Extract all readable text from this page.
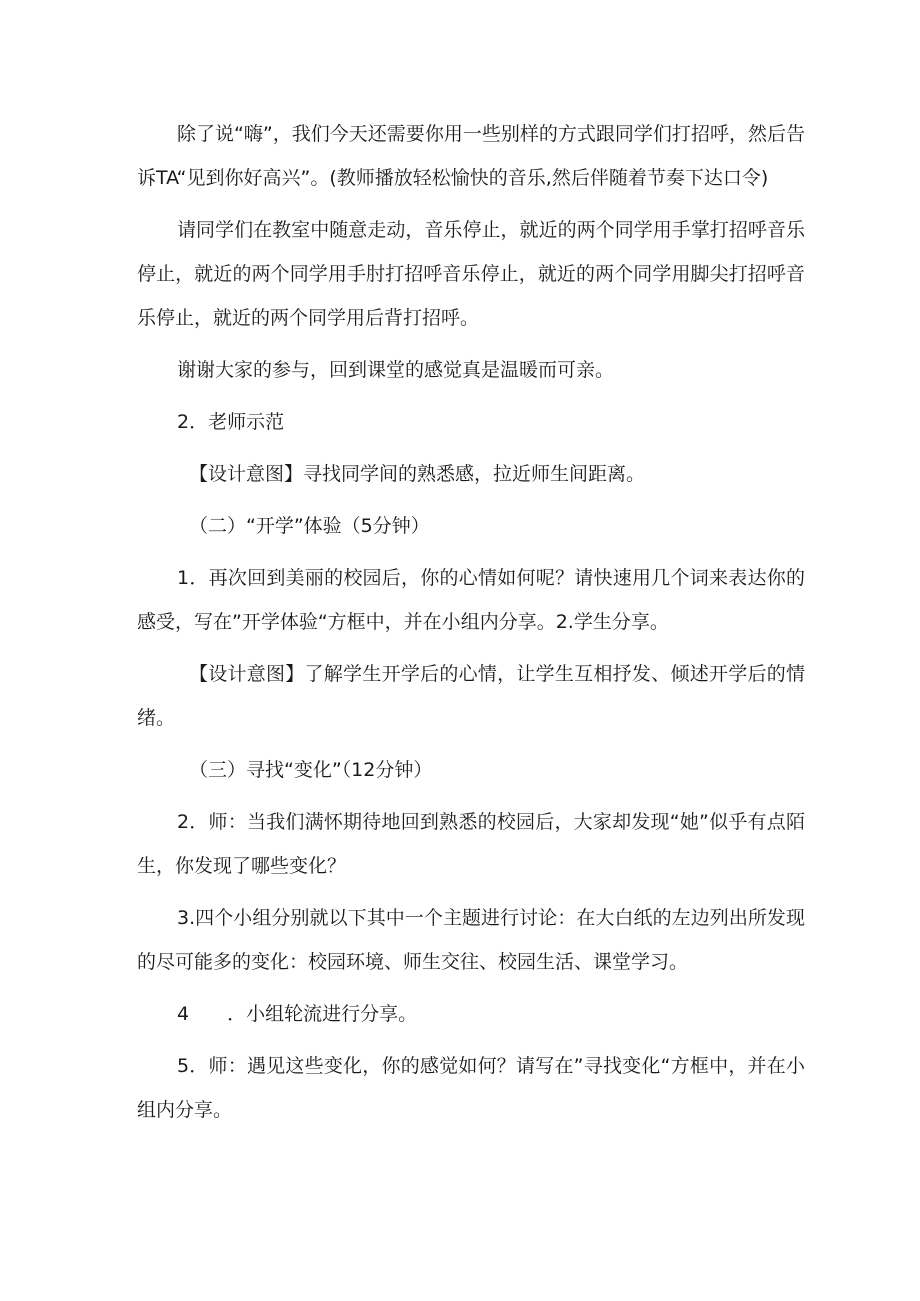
除了说“嗨”，我们今天还需要你用一些别样的方式跟同学们打招呼，然后告诉TA“见到你好高兴”。(教师播放轻松愉快的音乐,然后伴随着节奏下达口令)

请同学们在教室中随意走动，音乐停止，就近的两个同学用手掌打招呼音乐停止，就近的两个同学用手肘打招呼音乐停止，就近的两个同学用脚尖打招呼音乐停止，就近的两个同学用后背打招呼。

谢谢大家的参与，回到课堂的感觉真是温暖而可亲。

2．老师示范

【设计意图】寻找同学间的熟悉感，拉近师生间距离。

（二）“开学”体验（5分钟）

1．再次回到美丽的校园后，你的心情如何呢？请快速用几个词来表达你的感受，写在”开学体验“方框中，并在小组内分享。2.学生分享。

【设计意图】了解学生开学后的心情，让学生互相抒发、倾述开学后的情绪。

（三）寻找“变化”（12分钟）

2．师：当我们满怀期待地回到熟悉的校园后，大家却发现“她”似乎有点陌生，你发现了哪些变化？

3.四个小组分别就以下其中一个主题进行讨论：在大白纸的左边列出所发现的尽可能多的变化：校园环境、师生交往、校园生活、课堂学习。

4　　．小组轮流进行分享。

5．师：遇见这些变化，你的感觉如何？请写在”寻找变化“方框中，并在小组内分享。
